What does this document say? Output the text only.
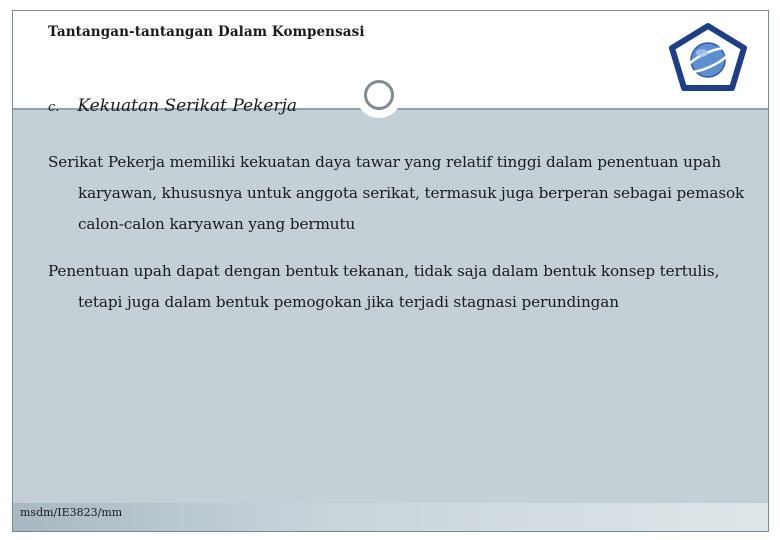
Tantangan-tantangan Dalam Kompensasi
c. Kekuatan Serikat Pekerja
STT TELKOM
Serikat Pekerja memiliki kekuatan daya tawar yang relatif tinggi dalam penentuan upah karyawan, khususnya untuk anggota serikat, termasuk juga berperan sebagai pemasok calon-calon karyawan yang bermutu
Penentuan upah dapat dengan bentuk tekanan, tidak saja dalam bentuk konsep tertulis, tetapi juga dalam bentuk pemogokan jika terjadi stagnasi perundingan
msdm/IE3823/mm
